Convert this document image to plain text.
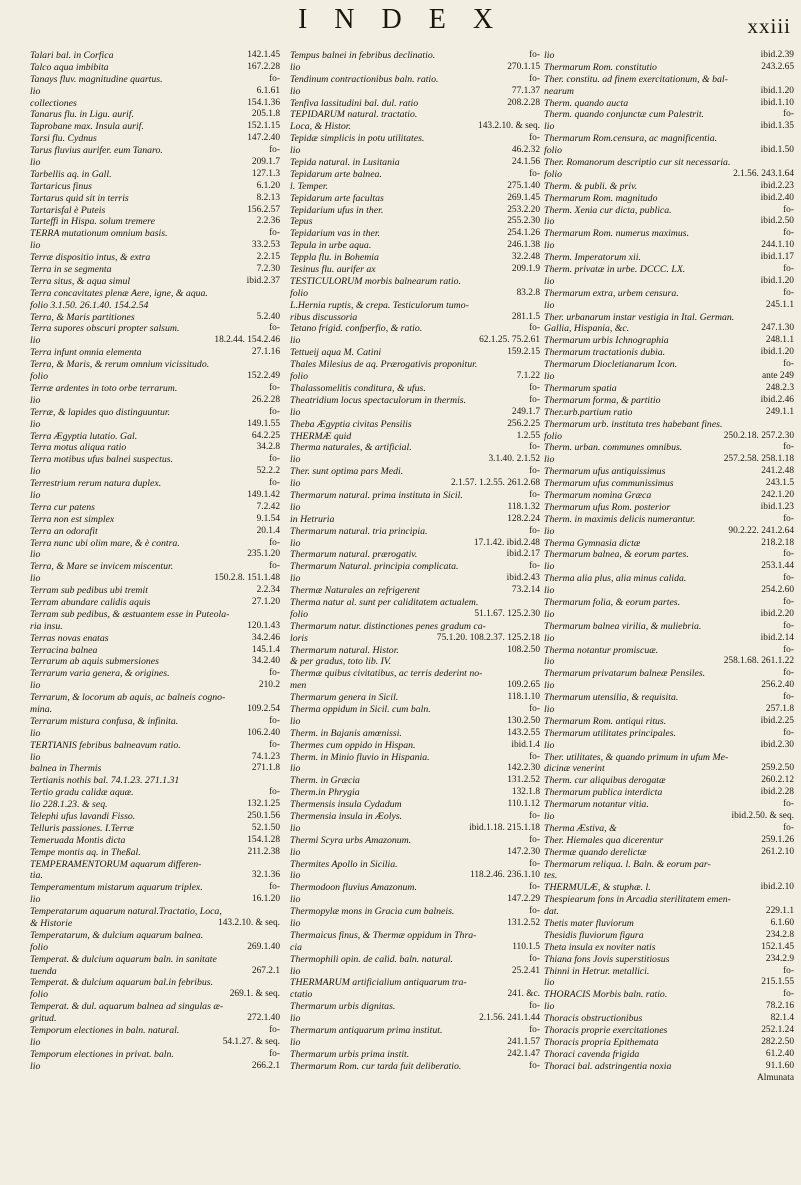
I N D E X	xxiii
Talari bal. in Corfica	142.1.45
Talco aqua imbibita	167.2.28
Tanays fluv. magnitudine quartus.	fo-
lio	6.1.61
collectiones	154.1.36
Tanarus flu. in Ligu. aurif.	205.1.8
Taprobane max. Insula aurif.	152.1.15
Tarsi flu. Cydnus	147.2.40
Tarus fluvius aurifer. eum Tanaro.	fo-
lio	209.1.7
Tarbellis aq. in Gall.	127.1.3
Tartaricus finus	6.1.20
Tartarus quid sit in terris	8.2.13
Tartarisfal è Puteis	156.2.57
Tarteffi in Hispa. solum tremere	2.2.36
TERRA mutationum omnium basis.	fo-
lio	33.2.53
Terræ dispositio intus, & extra	2.2.15
Terra in se segmenta	7.2.30
Terra situs, & aqua simul	ibid.2.37
Terra concavitates plenæ Aere, igne, & aqua.
folio 3.1.50. 26.1.40. 154.2.54
Terra, & Maris partitiones	5.2.40
Terra supores obscuri propter salsum.	fo-
lio	18.2.44. 154.2.46
Terra infunt omnia elementa	27.1.16
Terra, & Maris, & rerum omnium vicissitudo.
folio	152.2.49
Terræ ardentes in toto orbe terrarum.	fo-
lio	26.2.28
Terræ, & lapides quo distinguuntur.	fo-
lio	149.1.55
Terra Ægyptia lutatio. Gal.	64.2.25
Terra motus aliqua ratio	34.2.8
Terra motibus ufus balnei suspectus.	fo-
lio	52.2.2
Terrestrium rerum natura duplex.	fo-
lio	149.1.42
Terra cur patens	7.2.42
Terra non est simplex	9.1.54
Terra an odorafit	20.1.4
Terra nunc ubi olim mare, & è contra.	fo-
lio	235.1.20
Terra, & Mare se invicem miscentur.	fo-
lio	150.2.8. 151.1.48
Terram sub pedibus ubi tremit	2.2.34
Terram abundare calidis aquis	27.1.20
Terram sub pedibus, & æstuantem esse in Puteola-
ria insu.	120.1.43
Terras novas enatas	34.2.46
Terracina balnea	145.1.4
Terrarum ab aquis submersiones	34.2.40
Terrarum varia genera, & origines.	fo-
lio	210.2
Terrarum, & locorum ab aquis, ac balneis cogno-
mina.	109.2.54
Terrarum mistura confusa, & infinita.	fo-
lio	106.2.40
TERTIANIS febribus balneavum ratio.	fo-
lio	74.1.23
balnea in Thermis	271.1.8
Tertianis nothis bal. 74.1.23. 271.1.31
Tertio gradu calidæ aquæ.	fo-
lio 228.1.23. & seq.	132.1.25
Telephi ufus lavandi Fisso.	250.1.56
Telluris passiones. I.Terræ	52.1.50
Temeruada Montis dicta	154.1.28
Tempe montis aq. in Theßal.	211.2.38
TEMPERAMENTORUM aquarum differen-
tia.	32.1.36
Temperamentum mistarum aquarum triplex.	fo-
lio	16.1.20
Temperatarum aquarum natural.Tractatio, Loca,
& Historie	143.2.10. & seq.
Temperatarum, & dulcium aquarum balnea.
folio	269.1.40
Temperat. & dulcium aquarum baln. in sanitate
tuenda	267.2.1
Temperat. & dulcium aquarum bal.in febribus.
folio	269.1. & seq.
Temperat. & dul. aquarum balnea ad singulas æ-
gritud.	272.1.40
Temporum electiones in baln. natural.	fo-
lio	54.1.27. & seq.
Temporum electiones in privat. baln.	fo-
lio	266.2.1
Tempus balnei in febribus declinatio.	fo-
lio	270.1.15
Tendinum contractionibus baln. ratio.	fo-
lio	77.1.37
Tenfiva lassitudini bal. dul. ratio	208.2.28
TEPIDARUM natural. tractatio.
Loca, & Histor.	143.2.10. & seq.
Tepidæ simplicis in potu utilitates.	fo-
lio	46.2.32
Tepida natural. in Lusitania	24.1.56
Tepidarum arte balnea.	fo-
l. Temper.	275.1.40
Tepidarum arte facultas	269.1.45
Tepidarium ufus in ther.	253.2.20
Tepus	255.2.30
Tepidarium vas in ther.	254.1.26
Tepula in urbe aqua.	246.1.38
Teppla flu. in Bohemia	32.2.48
Tesinus flu. aurifer ax	209.1.9
TESTICULORUM morbis balnearum ratio.
folio	83.2.8
L.Hernia ruptis, & crepa. Testiculorum tumo-
ribus discussoria	281.1.5
Tetano frigid. confperfio, & ratio.	fo-
lio	62.1.25. 75.2.61
Tettueij aqua M. Catini	159.2.15
Thales Milesius de aq. Prærogativis proponitur.
folio	7.1.22
Thalassomelitis conditura, & ufus.	fo-
Theatridium locus spectaculorum in thermis.	fo-
lio	249.1.7
Theba Ægyptia civitas Pensilis	256.2.25
THERMÆ quid	1.2.55
Therma naturales, & artificial.	fo-
lio	3.1.40. 2.1.52
Ther. sunt optima pars Medi.	fo-
lio	2.1.57. 1.2.55. 261.2.68
Thermarum natural. prima instituta in Sicil.	fo-
lio	118.1.32
in Hetruria	128.2.24
Thermarum natural. tria principia.	fo-
lio	17.1.42. ibid.2.48
Thermarum natural. prærogativ.	ibid.2.17
Thermarum Natural. principia complicata.	fo-
lio	ibid.2.43
Thermæ Naturales an refrigerent	73.2.14
Therma natur al. sunt per caliditatem actualem.
folio	51.1.67. 125.2.30
Thermarum natur. distinctiones penes gradum ca-
loris	75.1.20. 108.2.37. 125.2.18
Thermarum natural. Histor.	108.2.50
& per gradus, toto lib. IV.
Thermæ quibus civitatibus, ac terris dederint no-
men	109.2.65
Thermarum genera in Sicil.	118.1.10
Therma oppidum in Sicil. cum baln.	fo-
lio	130.2.50
Therm. in Bajanis amœnissi.	143.2.55
Thermes cum oppido in Hispan.	ibid.1.4
Therm. in Minio fluvio in Hispania.	fo-
lio	142.2.30
Therm. in Græcia	131.2.52
Therm.in Phrygia	132.1.8
Thermensis insula Cydadum	110.1.12
Thermensia insula in Æolys.	fo-
lio	ibid.1.18. 215.1.18
Thermi Scyra urbs Amazonum.	fo-
lio	147.2.30
Thermites Apollo in Sicilia.	fo-
lio	118.2.46. 236.1.10
Thermodoon fluvius Amazonum.	fo-
lio	147.2.29
Thermopylæ mons in Gracia cum balneis.	fo-
lio	131.2.52
Thermaicus finus, & Thermæ oppidum in Thra-
cia	110.1.5
Thermophili opin. de calid. baln. natural.	fo-
lio	25.2.41
THERMARUM artificialium antiquarum tra-
ctatio	241. &c.
Thermarum urbis dignitas.	fo-
lio	2.1.56. 241.1.44
Thermarum antiquarum prima institut.	fo-
lio	241.1.57
Thermarum urbis prima instit.	242.1.47
Thermarum Rom. cur tarda fuit deliberatio.	fo-
lio	ibid.2.39
Thermarum Rom. constitutio	243.2.65
Ther. constitu. ad finem exercitationum, & bal-
nearum	ibid.1.20
Therm. quando aucta	ibid.1.10
Therm. quando conjunctæ cum Palestrit.	fo-
lio	ibid.1.35
Thermarum Rom.censura, ac magnificentia.
folio	ibid.1.50
Ther. Romanorum descriptio cur sit necessaria.
folio	2.1.56. 243.1.64
Therm. & publi. & priv.	ibid.2.23
Thermarum Rom. magnitudo	ibid.2.40
Therm. Xenia cur dicta, publica.	fo-
lio	ibid.2.50
Thermarum Rom. numerus maximus.	fo-
lio	244.1.10
Therm. Imperatorum xii.	ibid.1.17
Therm. privatæ in urbe. DCCC. LX.	fo-
lio	ibid.1.20
Thermarum extra, urbem censura.	fo-
lio	245.1.1
Ther. urbanarum instar vestigia in Ital. German.
Gallia, Hispania, &c.	247.1.30
Thermarum urbis Ichnographia	248.1.1
Thermarum tractationis dubia.	ibid.1.20
Thermarum Diocletianarum Icon.	fo-
lio	ante 249
Thermarum spatia	248.2.3
Thermarum forma, & partitio	ibid.2.46
Ther.urb.partium ratio	249.1.1
Thermarum urb. instituta tres habebant fines.
folio	250.2.18. 257.2.30
Therm. urban. communes omnibus.	fo-
lio	257.2.58. 258.1.18
Thermarum ufus antiquissimus	241.2.48
Thermarum ufus communissimus	243.1.5
Thermarum nomina Græca	242.1.20
Thermarum ufus Rom. posterior	ibid.1.23
Therm. in maximis delicis numerantur.	fo-
lio	90.2.22. 241.2.64
Therma Gymnasia dictæ	218.2.18
Thermarum balnea, & eorum partes.	fo-
lio	253.1.44
Therma alia plus, alia minus calida.	fo-
lio	254.2.60
Thermarum folia, & eorum partes.	fo-
lio	ibid.2.20
Thermarum balnea virilia, & muliebria.	fo-
lio	ibid.2.14
Therma notantur promiscuæ.	fo-
lio	258.1.68. 261.1.22
Thermarum privatarum balneæ Pensiles.	fo-
lio	256.2.40
Thermarum utensilia, & requisita.	fo-
lio	257.1.8
Thermarum Rom. antiqui ritus.	ibid.2.25
Thermarum utilitates principales.	fo-
lio	ibid.2.30
Ther. utilitates, & quando primum in ufum Me-
dicinæ venerint	259.2.50
Therm. cur aliquibus derogatæ	260.2.12
Thermarum publica interdicta	ibid.2.28
Thermarum notantur vitia.	fo-
lio	ibid.2.50. & seq.
Therma Æstiva, &	fo-
Ther. Hiemales qua dicerentur	259.1.26
Thermæ quando derelictæ	261.2.10
Thermarum reliqua. l. Baln. & eorum par-
tes.
THERMULÆ, & stuphæ. l.	ibid.2.10
Thespiearum fons in Arcadia sterilitatem emen-
dat.	229.1.1
Thetis mater fluviorum	6.1.60
Thesidis fluviorum figura	234.2.8
Theta insula ex noviter natis	152.1.45
Thiana fons Jovis superstitiosus	234.2.9
Thinni in Hetrur. metallici.	fo-
lio	215.1.55
THORACIS Morbis baln. ratio.	fo-
lio	78.2.16
Thoracis obstructionibus	82.1.4
Thoracis proprie exercitationes	252.1.24
Thoracis propria Epithemata	282.2.50
Thoraci cavenda frigida	61.2.40
Thoraci bal. adstringentia noxia	91.1.60
Almunata
